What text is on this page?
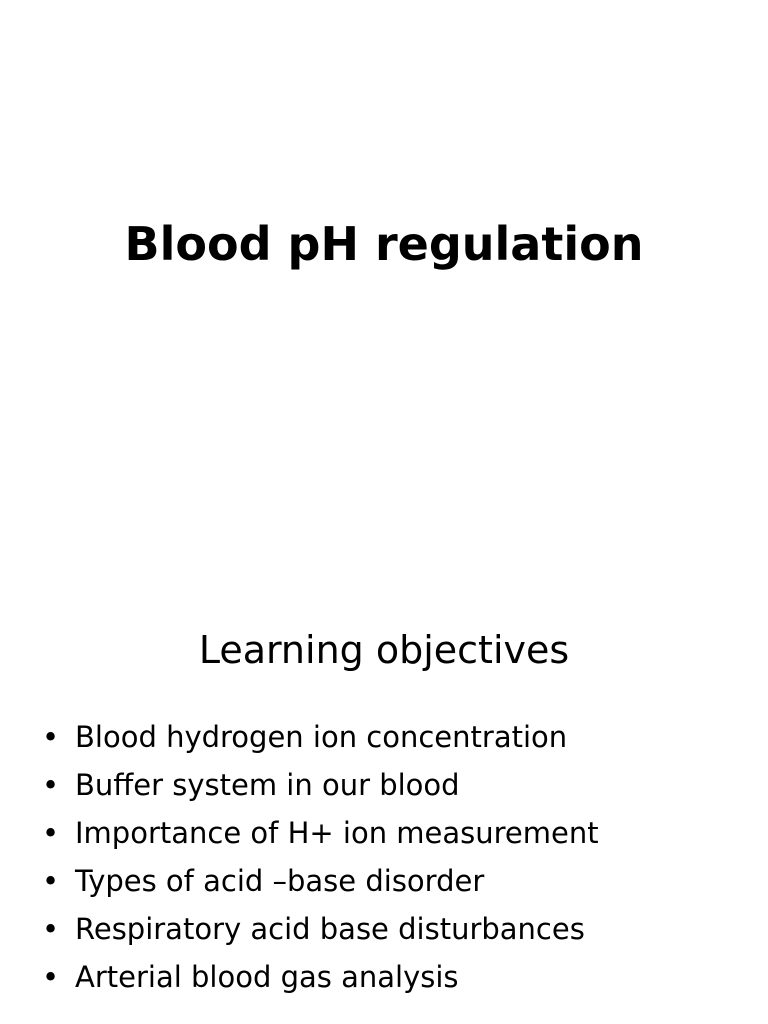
Blood pH regulation
Learning objectives
• Blood hydrogen ion concentration
• Buffer system in our blood
• Importance of H+ ion measurement
• Types of acid –base disorder
• Respiratory acid base disturbances
• Arterial blood gas analysis
